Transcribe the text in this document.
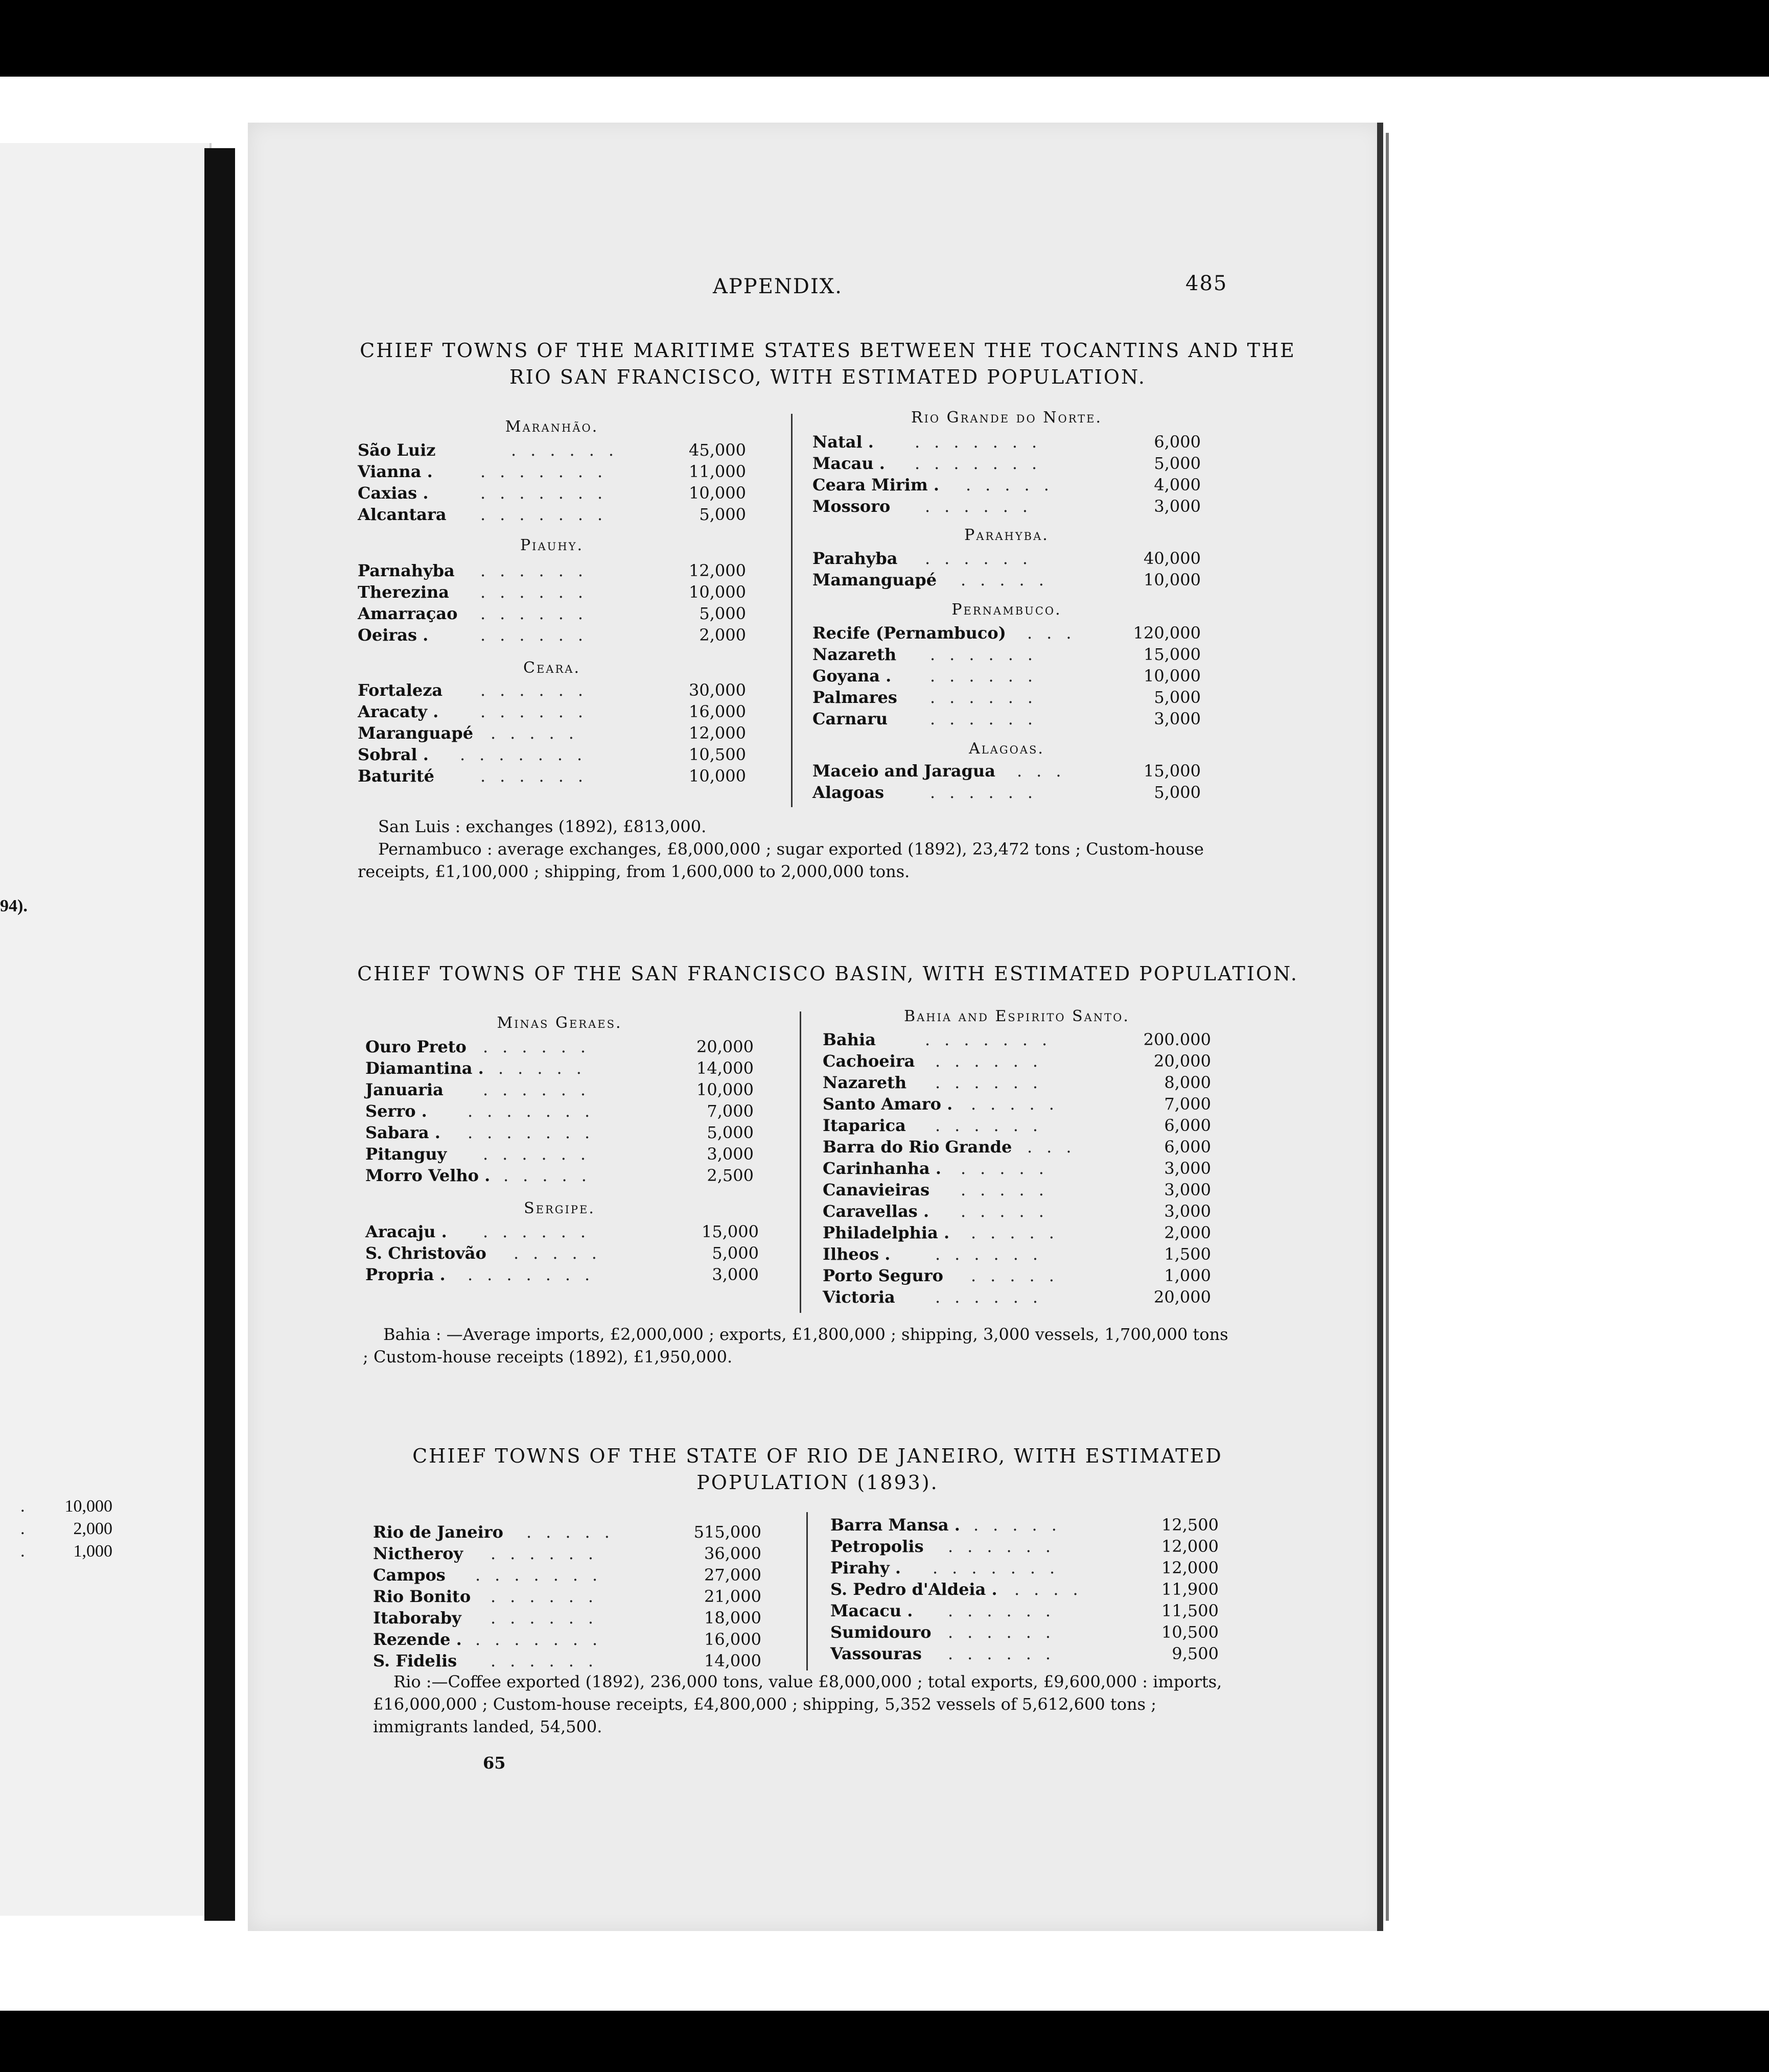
94).
. 10,000
.	2,000
.	1,000
APPENDIX.	485
CHIEF TOWNS OF THE MARITIME STATES BETWEEN THE TOCANTINS AND THE
RIO SAN FRANCISCO, WITH ESTIMATED POPULATION.
Maranhão.
São Luiz	......	45,000
Vianna .	.......	11,000
Caxias .	.......	10,000
Alcantara .......	5,000
Piauhy.
Parnahyba ......	12,000
Therezina ......	10,000
Amarraçao ......	5,000
Oeiras .	......	2,000
Ceara.
Fortaleza ......	30,000
Aracaty .	......	16,000
Maranguapé .....	12,000
Sobral . .......	10,500
Baturité	......	10,000
Rio Grande do Norte.
Natal .	.......	6,000
Macau . .......	5,000
Ceara Mirim . .....	4,000
Mossoro ......	3,000
Parahyba.
Parahyba ......	40,000
Mamanguapé .....	10,000
Pernambuco.
Recife (Pernambuco) ...	120,000
Nazareth ......	15,000
Goyana . ......	10,000
Palmares ......	5,000
Carnaru	......	3,000
Alagoas.
Maceio and Jaragua ...	15,000
Alagoas	......	5,000
San Luis : exchanges (1892), £813,000.
Pernambuco : average exchanges, £8,000,000 ; sugar exported (1892), 23,472 tons ; Custom-house receipts, £1,100,000 ; shipping, from 1,600,000 to 2,000,000 tons.
CHIEF TOWNS OF THE SAN FRANCISCO BASIN, WITH ESTIMATED POPULATION.
Minas Geraes.
Ouro Preto ......	20,000
Diamantina . .....	14,000
Januaria ......	10,000
Serro . .......	7,000
Sabara . .......	5,000
Pitanguy ......	3,000
Morro Velho . .....	2,500
Sergipe.
Aracaju . ......	15,000
S. Christovão .....	5,000
Propria . .......	3,000
Bahia and Espirito Santo.
Bahia	.......	200.000
Cachoeira ......	20,000
Nazareth ......	8,000
Santo Amaro . .....	7,000
Itaparica ......	6,000
Barra do Rio Grande ...	6,000
Carinhanha . .....	3,000
Canavieiras .....	3,000
Caravellas . .....	3,000
Philadelphia . .....	2,000
Ilheos .	......	1,500
Porto Seguro .....	1,000
Victoria ......	20,000
Bahia : —Average imports, £2,000,000 ; exports, £1,800,000 ; shipping, 3,000 vessels, 1,700,000 tons ; Custom-house receipts (1892), £1,950,000.
CHIEF TOWNS OF THE STATE OF RIO DE JANEIRO, WITH ESTIMATED
POPULATION (1893).
Rio de Janeiro .....	515,000
Nictheroy ......	36,000
Campos .......	27,000
Rio Bonito ......	21,000
Itaboraby ......	18,000
Rezende . .......	16,000
S. Fidelis ......	14,000
Barra Mansa . .....	12,500
Petropolis ......	12,000
Pirahy . .......	12,000
S. Pedro d'Aldeia . ....	11,900
Macacu . ......	11,500
Sumidouro ......	10,500
Vassouras ......	9,500
Rio :—Coffee exported (1892), 236,000 tons, value £8,000,000 ; total exports, £9,600,000 : imports, £16,000,000 ; Custom-house receipts, £4,800,000 ; shipping, 5,352 vessels of 5,612,600 tons ; immigrants landed, 54,500.
65
